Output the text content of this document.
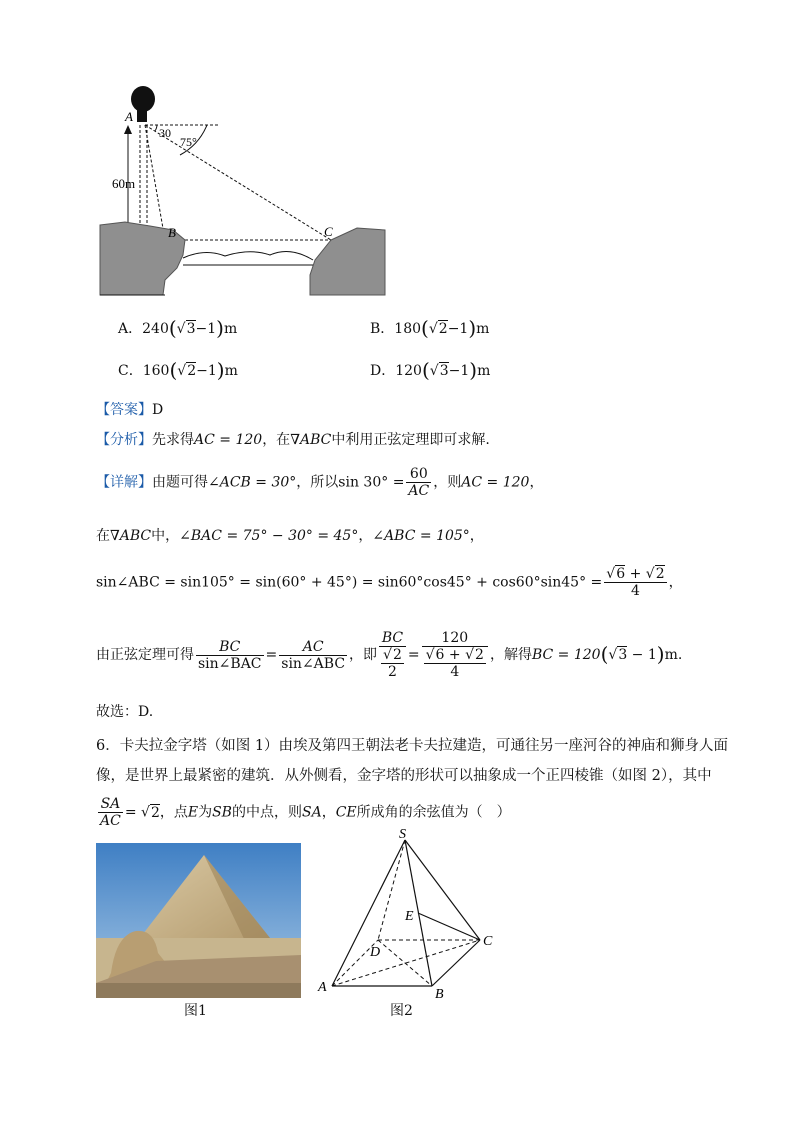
A
B	C
30
75°
60m
A．240(√3−1)m	B．180(√2−1)m
C．160(√2−1)m	D．120(√3−1)m
【答案】D
【分析】先求得AC = 120，在∇ABC中利用正弦定理即可求解.
【详解】由题可得∠ACB = 30°，所以$\sin 30^\circ = \frac{60}{AC}$ ，则AC = 120，
在∇ABC中，∠BAC = 75° − 30° = 45°，∠ABC = 105°，
sin∠ABC = $\sin 105^\circ = \sin(60^\circ + 45^\circ) = \sin 60^\circ\cos 45^\circ + \cos 60^\circ\sin 45^\circ = \frac{√6 + √2}{4}$ ，
由正弦定理可得 $\frac{BC}{\text{sin∠BAC}} = \frac{AC}{\text{sin∠ABC}}$ ，即 $\frac{BC}{\frac{√2}{2}} = \frac{120}{\frac{√6 + √2}{4}}$ ，解得BC = 120(√3 − 1)m.
故选：D.
6．卡夫拉金字塔（如图 1）由埃及第四王朝法老卡夫拉建造，可通往另一座河谷的神庙和狮身人面
像，是世界上最紧密的建筑．从外侧看，金字塔的形状可以抽象成一个正四棱锥（如图 2），其中
$\frac{SA}{AC} = √2$，点E为SB的中点，则SA，CE所成角的余弦值为（　）
S
E
C
D
A	B
图1	图2
